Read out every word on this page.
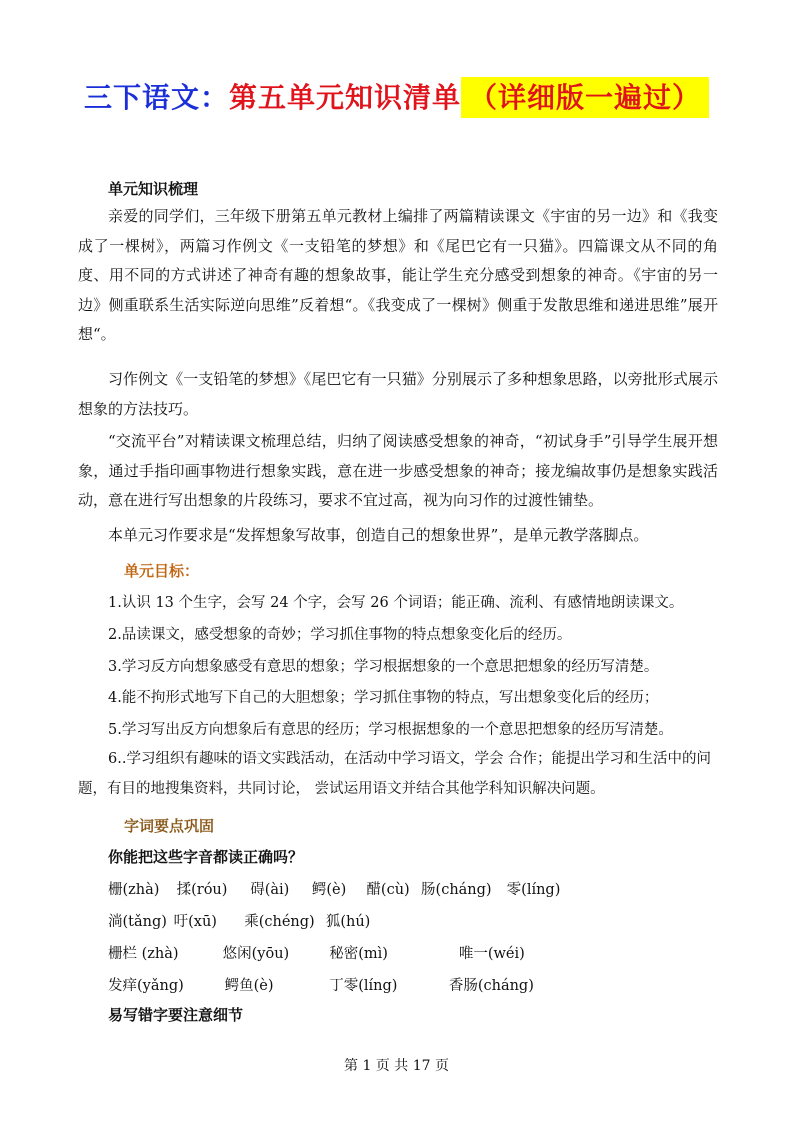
三下语文：第五单元知识清单 （详细版一遍过）
单元知识梳理
亲爱的同学们，三年级下册第五单元教材上编排了两篇精读课文《宇宙的另一边》和《我变成了一棵树》，两篇习作例文《一支铅笔的梦想》和《尾巴它有一只猫》。四篇课文从不同的角度、用不同的方式讲述了神奇有趣的想象故事，能让学生充分感受到想象的神奇。《宇宙的另一边》侧重联系生活实际逆向思维”反着想“。《我变成了一棵树》侧重于发散思维和递进思维”展开想“。
习作例文《一支铅笔的梦想》《尾巴它有一只猫》分别展示了多种想象思路，以旁批形式展示想象的方法技巧。
“交流平台”对精读课文梳理总结，归纳了阅读感受想象的神奇，“初试身手”引导学生展开想象，通过手指印画事物进行想象实践，意在进一步感受想象的神奇；接龙编故事仍是想象实践活动，意在进行写出想象的片段练习，要求不宜过高，视为向习作的过渡性铺垫。
本单元习作要求是“发挥想象写故事，创造自己的想象世界”，是单元教学落脚点。
单元目标：
1.认识 13 个生字，会写 24 个字，会写 26 个词语；能正确、流利、有感情地朗读课文。
2.品读课文，感受想象的奇妙；学习抓住事物的特点想象变化后的经历。
3.学习反方向想象感受有意思的想象；学习根据想象的一个意思把想象的经历写清楚。
4.能不拘形式地写下自己的大胆想象；学习抓住事物的特点，写出想象变化后的经历；
5.学习写出反方向想象后有意思的经历；学习根据想象的一个意思把想象的经历写清楚。
6..学习组织有趣味的语文实践活动，在活动中学习语文，学会 合作；能提出学习和生活中的问题，有目的地搜集资料，共同讨论， 尝试运用语文并结合其他学科知识解决问题。
字词要点巩固
你能把这些字音都读正确吗？
栅(zhà) 揉(róu) 碍(ài) 鳄(è) 醋(cù) 肠(cháng) 零(líng)
淌(tǎng) 吁(xū) 乘(chéng) 狐(hú)
栅栏 (zhà)	悠闲(yōu)	秘密(mì)	唯一(wéi)
发痒(yǎng)	鳄鱼(è)	丁零(líng)	香肠(cháng)
易写错字要注意细节
第 1 页 共 17 页
